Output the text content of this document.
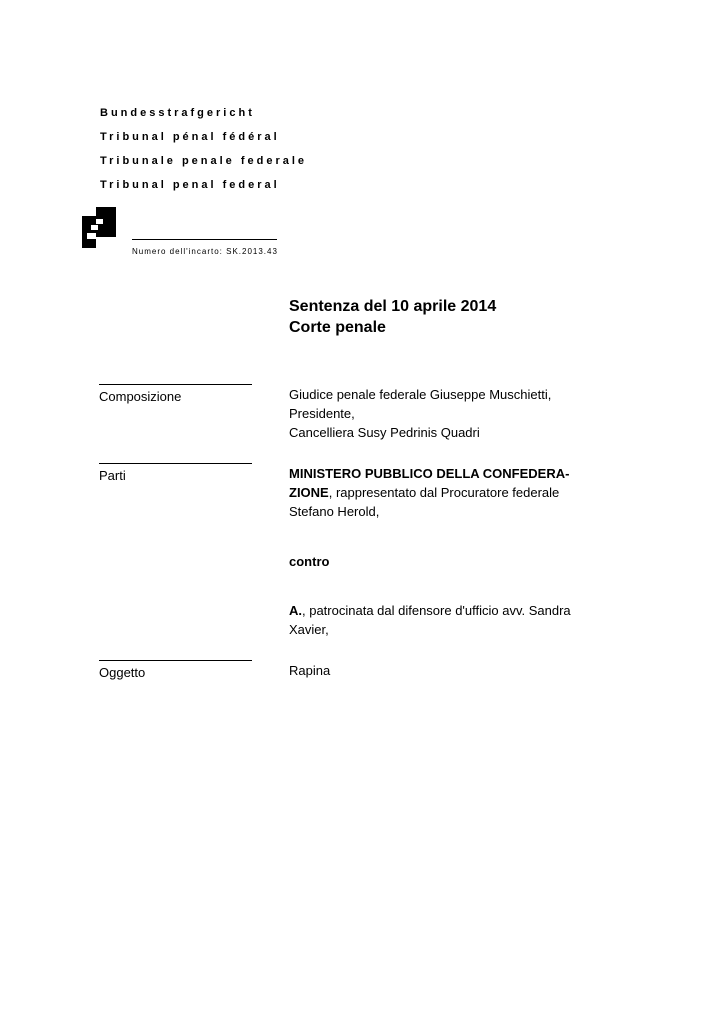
Bundesstrafgericht
Tribunal pénal fédéral
Tribunale penale federale
Tribunal penal federal
Numero dell'incarto: SK.2013.43
Sentenza del 10 aprile 2014
Corte penale
Composizione	Giudice penale federale Giuseppe Muschietti,
Presidente,
Cancelliera Susy Pedrinis Quadri
Parti	MINISTERO PUBBLICO DELLA CONFEDERA-
ZIONE, rappresentato dal Procuratore federale
Stefano Herold,
contro
A., patrocinata dal difensore d'ufficio avv. Sandra
Xavier,
Oggetto	Rapina
